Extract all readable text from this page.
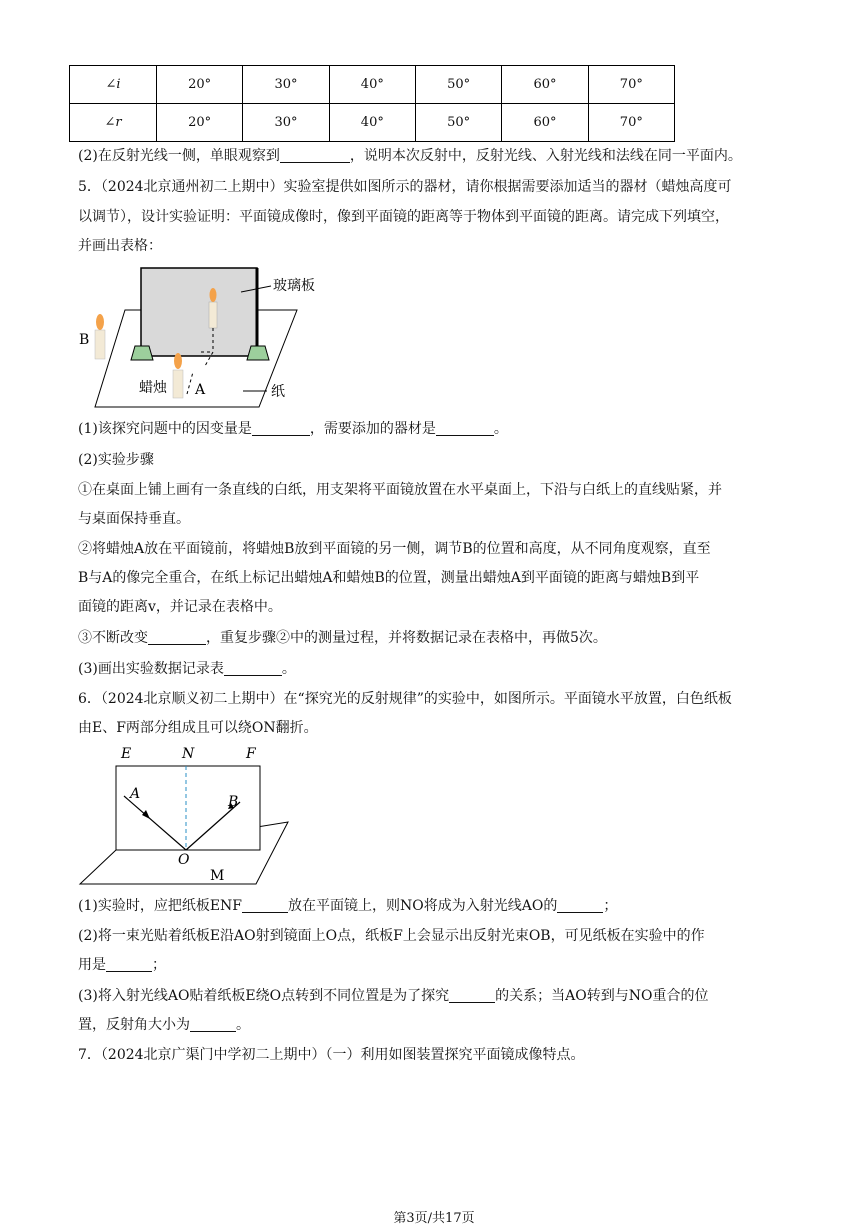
∠i	20°	30°	40°	50°	60°	70°
∠r	20°	30°	40°	50°	60°	70°
(2)在反射光线一侧，单眼观察到	，说明本次反射中，反射光线、入射光线和法线在同一平面内。
5．（2024北京通州初二上期中）实验室提供如图所示的器材，请你根据需要添加适当的器材（蜡烛高度可
以调节），设计实验证明：平面镜成像时，像到平面镜的距离等于物体到平面镜的距离。请完成下列填空，
并画出表格：
玻璃板
B
蜡烛 A	纸
(1)该探究问题中的因变量是	，需要添加的器材是	。
(2)实验步骤
①在桌面上铺上画有一条直线的白纸，用支架将平面镜放置在水平桌面上，下沿与白纸上的直线贴紧，并
与桌面保持垂直。
②将蜡烛A放在平面镜前，将蜡烛B放到平面镜的另一侧，调节B的位置和高度，从不同角度观察，直至
B与A的像完全重合，在纸上标记出蜡烛A和蜡烛B的位置，测量出蜡烛A到平面镜的距离与蜡烛B到平
面镜的距离v，并记录在表格中。
③不断改变	，重复步骤②中的测量过程，并将数据记录在表格中，再做5次。
(3)画出实验数据记录表	。
6．（2024北京顺义初二上期中）在“探究光的反射规律”的实验中，如图所示。平面镜水平放置，白色纸板
由E、F两部分组成且可以绕ON翻折。
E	N	F
A	B
O
M
(1)实验时，应把纸板ENF	放在平面镜上，则NO将成为入射光线AO的	；
(2)将一束光贴着纸板E沿AO射到镜面上O点，纸板F上会显示出反射光束OB，可见纸板在实验中的作
用是	；
(3)将入射光线AO贴着纸板E绕O点转到不同位置是为了探究	的关系；当AO转到与NO重合的位
置，反射角大小为	。
7．（2024北京广渠门中学初二上期中）（一）利用如图装置探究平面镜成像特点。
第3页/共17页
